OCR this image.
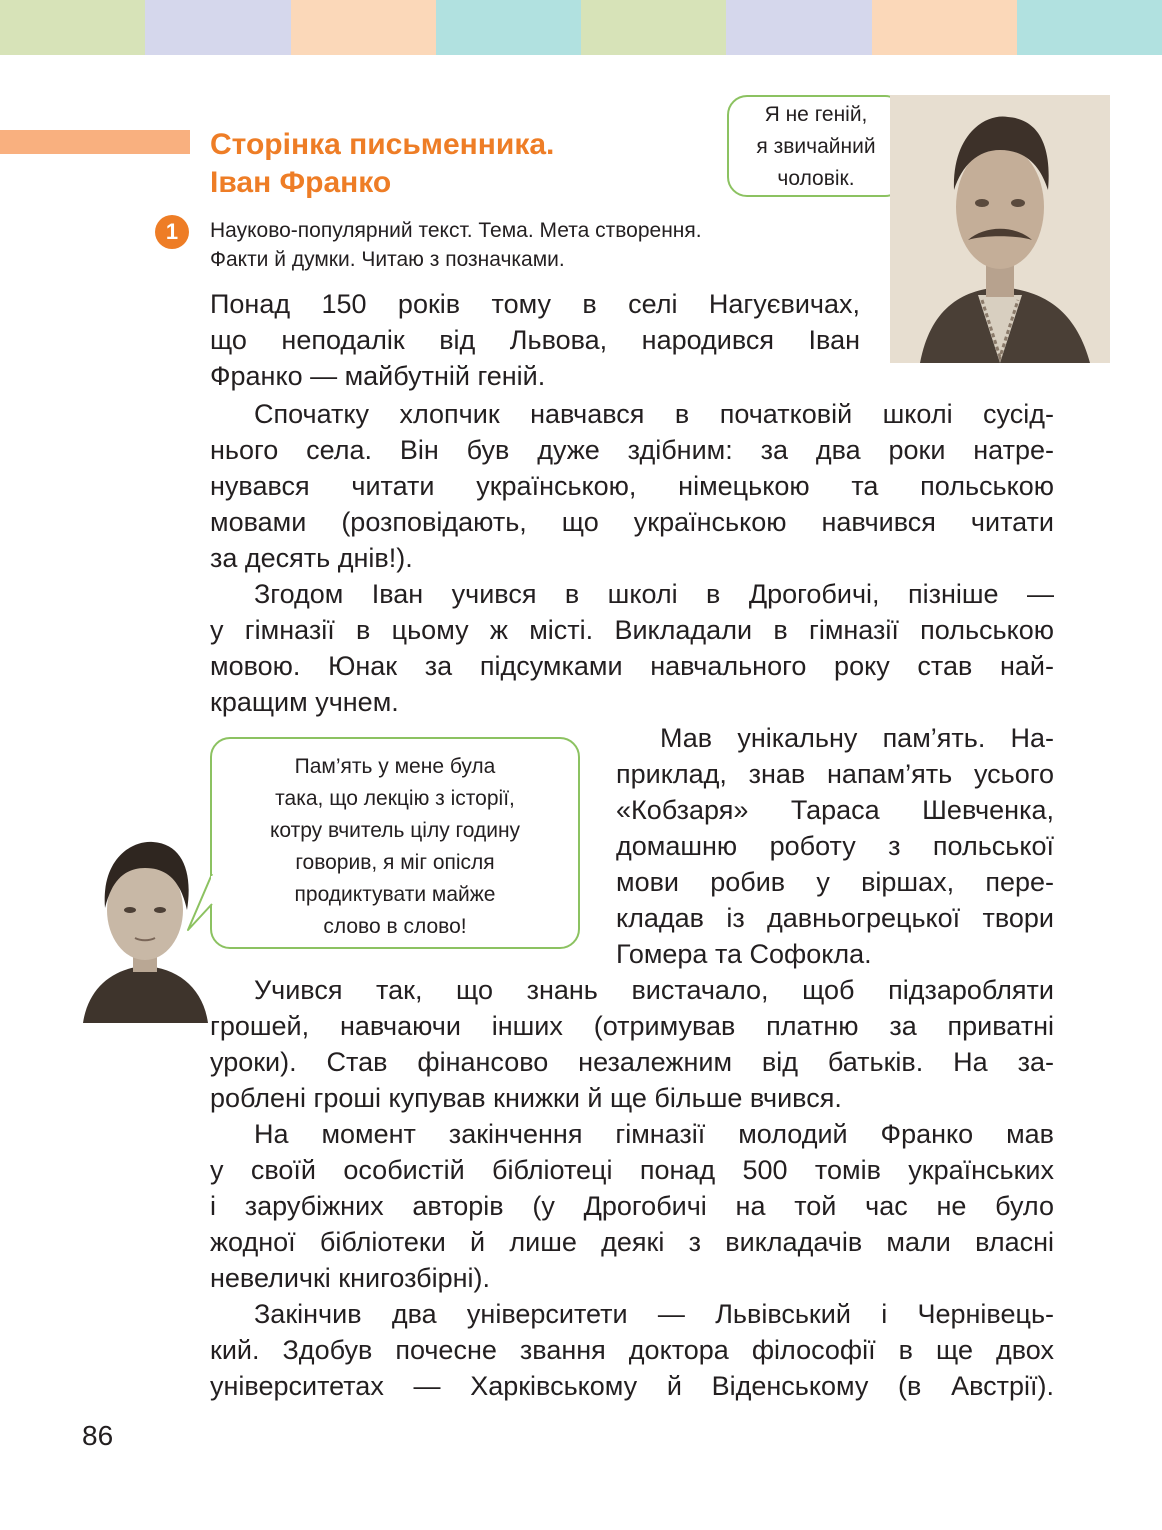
Сторінка письменника.
Іван Франко
Я не геній,
я звичайний
чоловік.
1	Науково-популярний текст. Тема. Мета створення.
Факти й думки. Читаю з позначками.
Понад 150 років тому в селі Нагуєвичах,
що неподалік від Львова, народився Іван
Франко — майбутній геній.
Спочатку хлопчик навчався в початковій школі сусід-
нього села. Він був дуже здібним: за два роки натре-
нувався читати українською, німецькою та польською
мовами (розповідають, що українською навчився читати
за десять днів!).
Згодом Іван учився в школі в Дрогобичі, пізніше —
у гімназії в цьому ж місті. Викладали в гімназії польською
мовою. Юнак за підсумками навчального року став най-
кращим учнем.
Пам’ять у мене була
така, що лекцію з історії,
котру вчитель цілу годину
говорив, я міг опісля
продиктувати майже
слово в слово!
Мав унікальну пам’ять. На-
приклад, знав напам’ять усього
«Кобзаря» Тараса Шевченка,
домашню роботу з польської
мови робив у віршах, пере-
кладав із давньогрецької твори
Гомера та Софокла.
Учився так, що знань вистачало, щоб підзаробляти
грошей, навчаючи інших (отримував платню за приватні
уроки). Став фінансово незалежним від батьків. На за-
роблені гроші купував книжки й ще більше вчився.
На момент закінчення гімназії молодий Франко мав
у своїй особистій бібліотеці понад 500 томів українських
і зарубіжних авторів (у Дрогобичі на той час не було
жодної бібліотеки й лише деякі з викладачів мали власні
невеличкі книгозбірні).
Закінчив два університети — Львівський і Чернівець-
кий. Здобув почесне звання доктора філософії в ще двох
університетах — Харківському й Віденському (в Австрії).
86
